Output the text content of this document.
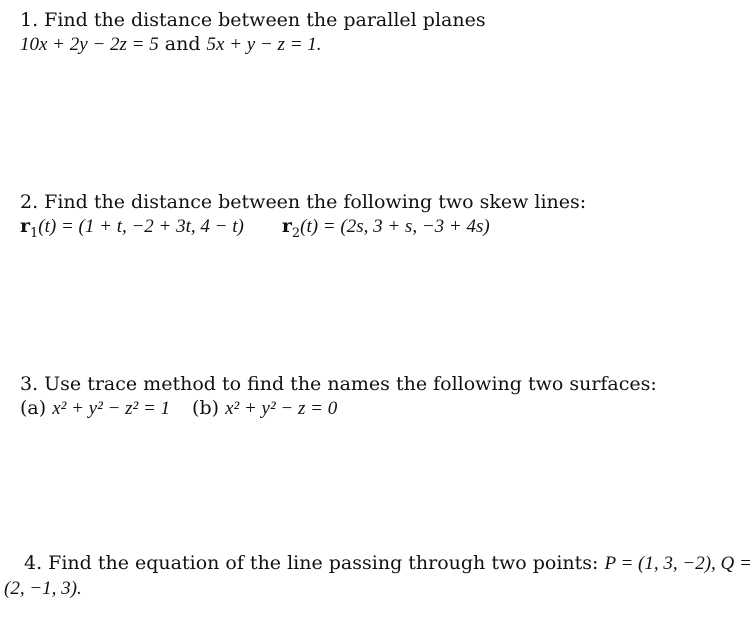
1. Find the distance between the parallel planes
10x + 2y − 2z = 5 and 5x + y − z = 1.
2. Find the distance between the following two skew lines:
$r_1(t) = (1 + t$, −2 + 3t, 4 − t) $r_2(t) = (2s$, 3 + s, −3 + 4s)
3. Use trace method to find the names the following two surfaces:
(a) x² + y² − z² = 1 (b) x² + y² − z = 0
4. Find the equation of the line passing through two points: P = (1, 3, −2), Q =
(2, −1, 3).
